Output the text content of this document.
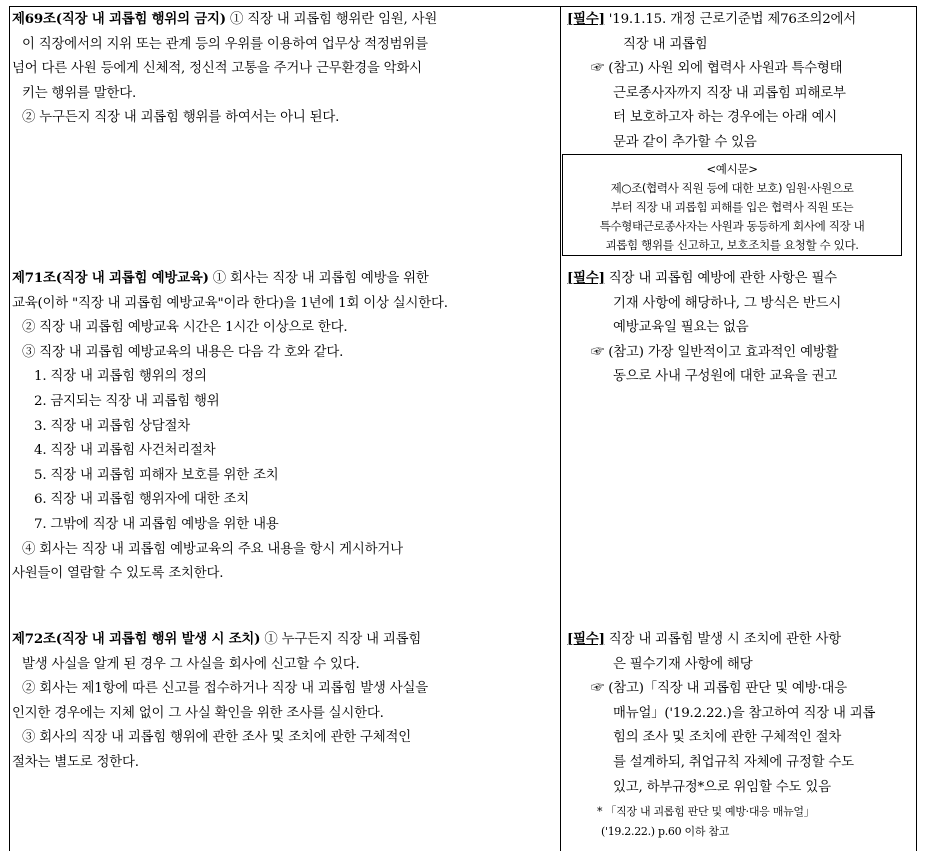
제69조(직장 내 괴롭힘 행위의 금지) ① 직장 내 괴롭힘 행위란 임원, 사원
이 직장에서의 지위 또는 관계 등의 우위를 이용하여 업무상 적정범위를
넘어 다른 사원 등에게 신체적, 정신적 고통을 주거나 근무환경을 악화시
키는 행위를 말한다.
② 누구든지 직장 내 괴롭힘 행위를 하여서는 아니 된다.
[필수] '19.1.15. 개정 근로기준법 제76조의2에서
직장 내 괴롭힘
☞ (참고) 사원 외에 협력사 사원과 특수형태
근로종사자까지 직장 내 괴롭힘 피해로부
터 보호하고자 하는 경우에는 아래 예시
문과 같이 추가할 수 있음
<예시문>
제○조(협력사 직원 등에 대한 보호) 임원·사원으로
부터 직장 내 괴롭힘 피해를 입은 협력사 직원 또는
특수형태근로종사자는 사원과 동등하게 회사에 직장 내
괴롭힘 행위를 신고하고, 보호조치를 요청할 수 있다.
제71조(직장 내 괴롭힘 예방교육) ① 회사는 직장 내 괴롭힘 예방을 위한
교육(이하 "직장 내 괴롭힘 예방교육"이라 한다)을 1년에 1회 이상 실시한다.
② 직장 내 괴롭힘 예방교육 시간은 1시간 이상으로 한다.
③ 직장 내 괴롭힘 예방교육의 내용은 다음 각 호와 같다.
1. 직장 내 괴롭힘 행위의 정의
2. 금지되는 직장 내 괴롭힘 행위
3. 직장 내 괴롭힘 상담절차
4. 직장 내 괴롭힘 사건처리절차
5. 직장 내 괴롭힘 피해자 보호를 위한 조치
6. 직장 내 괴롭힘 행위자에 대한 조치
7. 그밖에 직장 내 괴롭힘 예방을 위한 내용
④ 회사는 직장 내 괴롭힘 예방교육의 주요 내용을 항시 게시하거나
사원들이 열람할 수 있도록 조치한다.
[필수] 직장 내 괴롭힘 예방에 관한 사항은 필수
기재 사항에 해당하나, 그 방식은 반드시
예방교육일 필요는 없음
☞ (참고) 가장 일반적이고 효과적인 예방활
동으로 사내 구성원에 대한 교육을 권고
제72조(직장 내 괴롭힘 행위 발생 시 조치) ① 누구든지 직장 내 괴롭힘
발생 사실을 알게 된 경우 그 사실을 회사에 신고할 수 있다.
② 회사는 제1항에 따른 신고를 접수하거나 직장 내 괴롭힘 발생 사실을
인지한 경우에는 지체 없이 그 사실 확인을 위한 조사를 실시한다.
③ 회사의 직장 내 괴롭힘 행위에 관한 조사 및 조치에 관한 구체적인
절차는 별도로 정한다.
[필수] 직장 내 괴롭힘 발생 시 조치에 관한 사항
은 필수기재 사항에 해당
☞ (참고)「직장 내 괴롭힘 판단 및 예방·대응
매뉴얼」('19.2.22.)을 참고하여 직장 내 괴롭
힘의 조사 및 조치에 관한 구체적인 절차
를 설계하되, 취업규칙 자체에 규정할 수도
있고, 하부규정*으로 위임할 수도 있음
* 「직장 내 괴롭힘 판단 및 예방·대응 매뉴얼」
('19.2.22.) p.60 이하 참고
